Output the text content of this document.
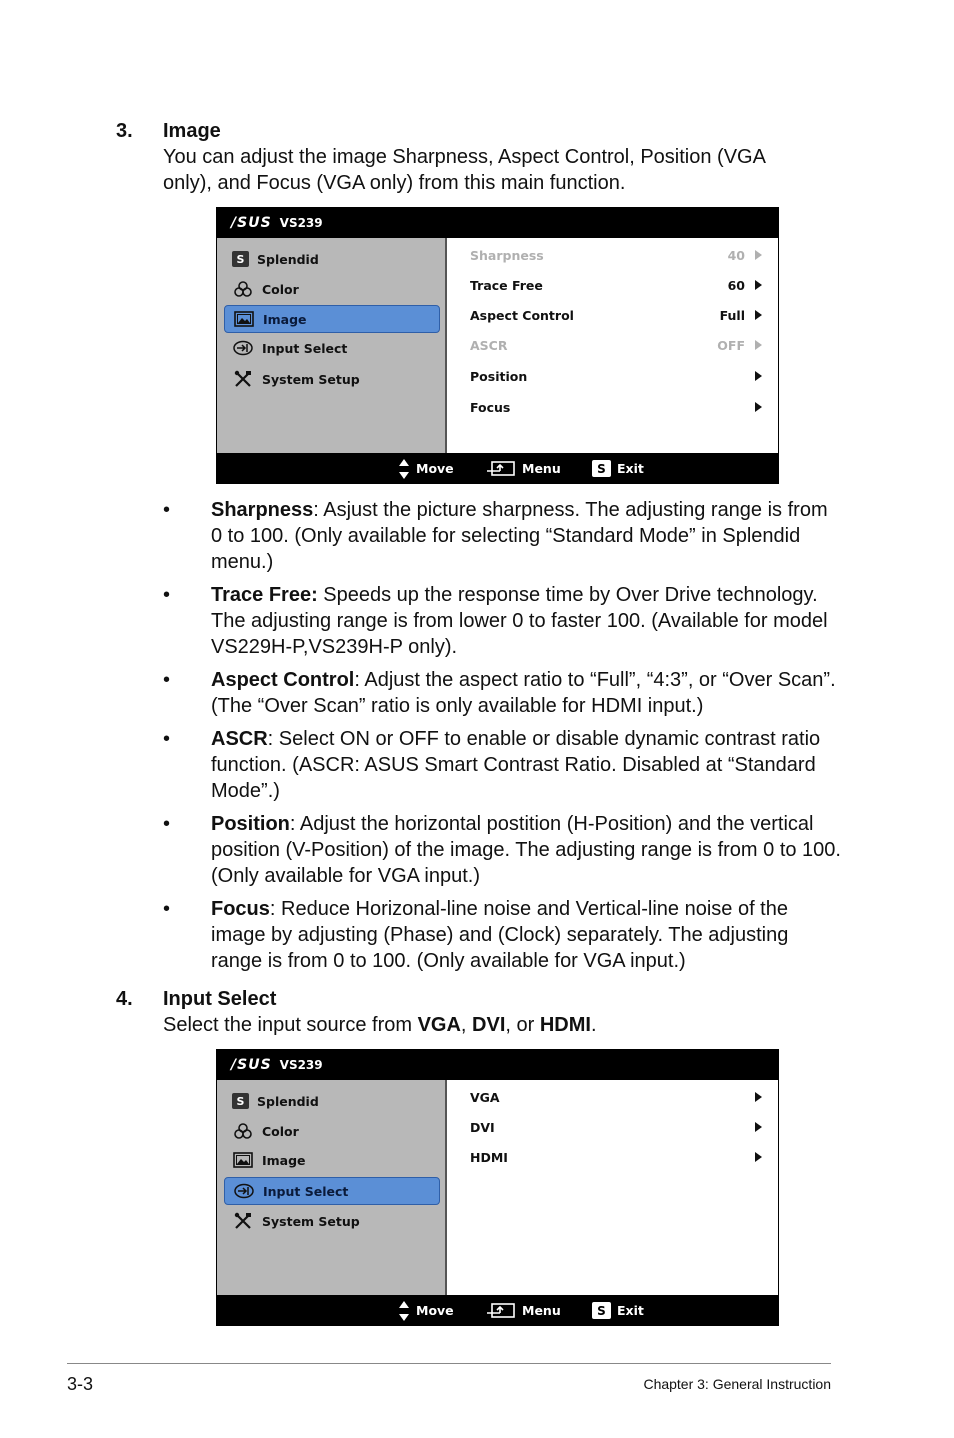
3. Image
You can adjust the image Sharpness, Aspect Control, Position (VGA
only), and Focus (VGA only) from this main function.
/SUS VS239
S	Splendid
Color
Image
Input Select
System Setup
Sharpness	40
Trace Free	60
Aspect Control	Full
ASCR	OFF
Position
Focus
Move	Menu	S Exit
•	Sharpness: Asjust the picture sharpness. The adjusting range is from 0 to 100. (Only available for selecting “Standard Mode” in Splendid menu.)
•	Trace Free: Speeds up the response time by Over Drive technology. The adjusting range is from lower 0 to faster 100. (Available for model VS229H-P,VS239H-P only).
•	Aspect Control: Adjust the aspect ratio to “Full”, “4:3”, or “Over Scan”. (The “Over Scan” ratio is only available for HDMI input.)
•	ASCR: Select ON or OFF to enable or disable dynamic contrast ratio function. (ASCR: ASUS Smart Contrast Ratio. Disabled at “Standard Mode”.)
•	Position: Adjust the horizontal postition (H-Position) and the vertical position (V-Position) of the image. The adjusting range is from 0 to 100. (Only available for VGA input.)
•	Focus: Reduce Horizonal-line noise and Vertical-line noise of the image by adjusting (Phase) and (Clock) separately. The adjusting range is from 0 to 100. (Only available for VGA input.)
4. Input Select
Select the input source from VGA, DVI, or HDMI.
/SUS VS239
S	Splendid
Color
Image
Input Select
System Setup
VGA
DVI
HDMI
Move	Menu	S Exit
3-3	Chapter 3: General Instruction
